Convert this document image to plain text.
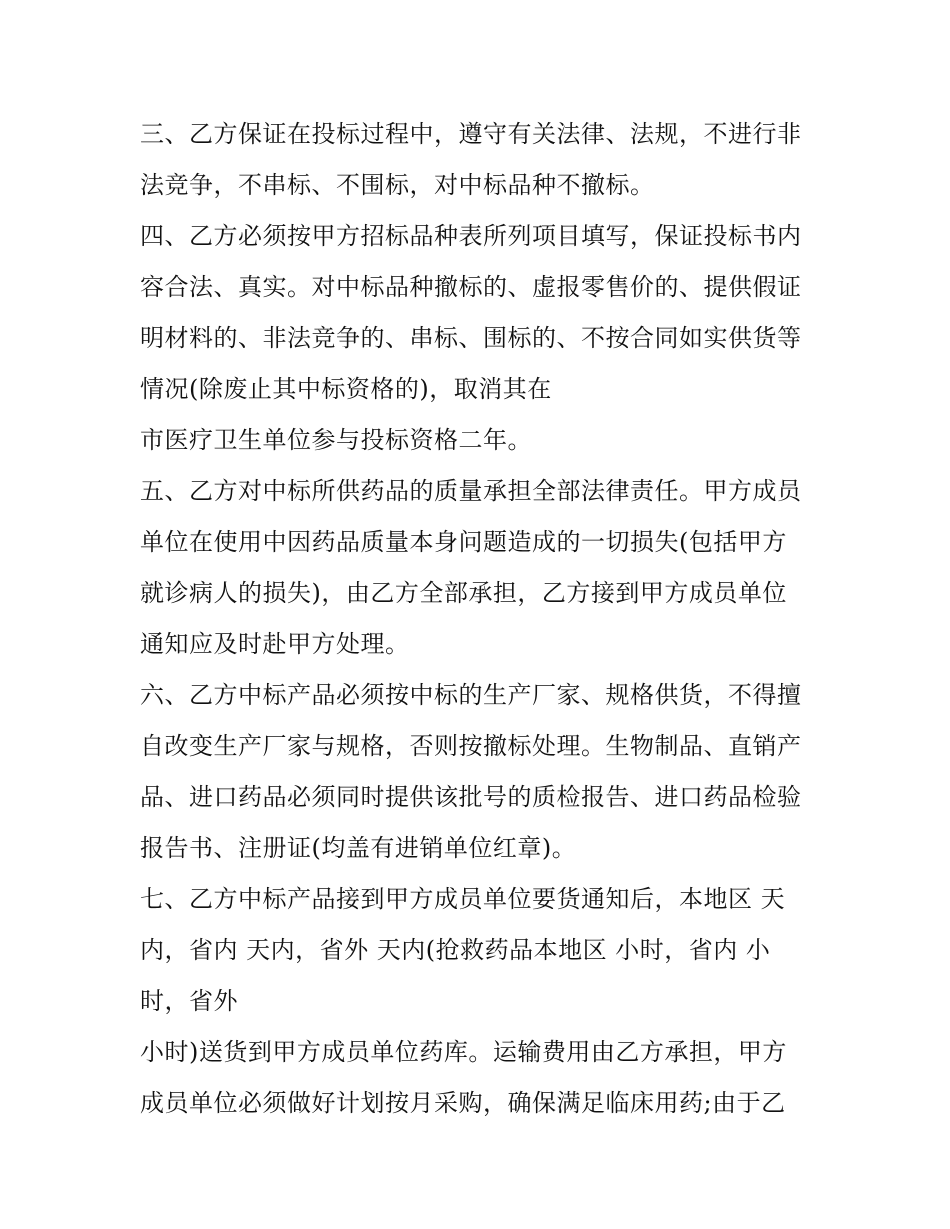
三、乙方保证在投标过程中，遵守有关法律、法规，不进行非
法竞争，不串标、不围标，对中标品种不撤标。
四、乙方必须按甲方招标品种表所列项目填写，保证投标书内
容合法、真实。对中标品种撤标的、虚报零售价的、提供假证
明材料的、非法竞争的、串标、围标的、不按合同如实供货等
情况(除废止其中标资格的)，取消其在
市医疗卫生单位参与投标资格二年。
五、乙方对中标所供药品的质量承担全部法律责任。甲方成员
单位在使用中因药品质量本身问题造成的一切损失(包括甲方
就诊病人的损失)，由乙方全部承担，乙方接到甲方成员单位
通知应及时赴甲方处理。
六、乙方中标产品必须按中标的生产厂家、规格供货，不得擅
自改变生产厂家与规格，否则按撤标处理。生物制品、直销产
品、进口药品必须同时提供该批号的质检报告、进口药品检验
报告书、注册证(均盖有进销单位红章)。
七、乙方中标产品接到甲方成员单位要货通知后，本地区 天
内，省内 天内，省外 天内(抢救药品本地区 小时，省内 小
时，省外
小时)送货到甲方成员单位药库。运输费用由乙方承担，甲方
成员单位必须做好计划按月采购，确保满足临床用药;由于乙
